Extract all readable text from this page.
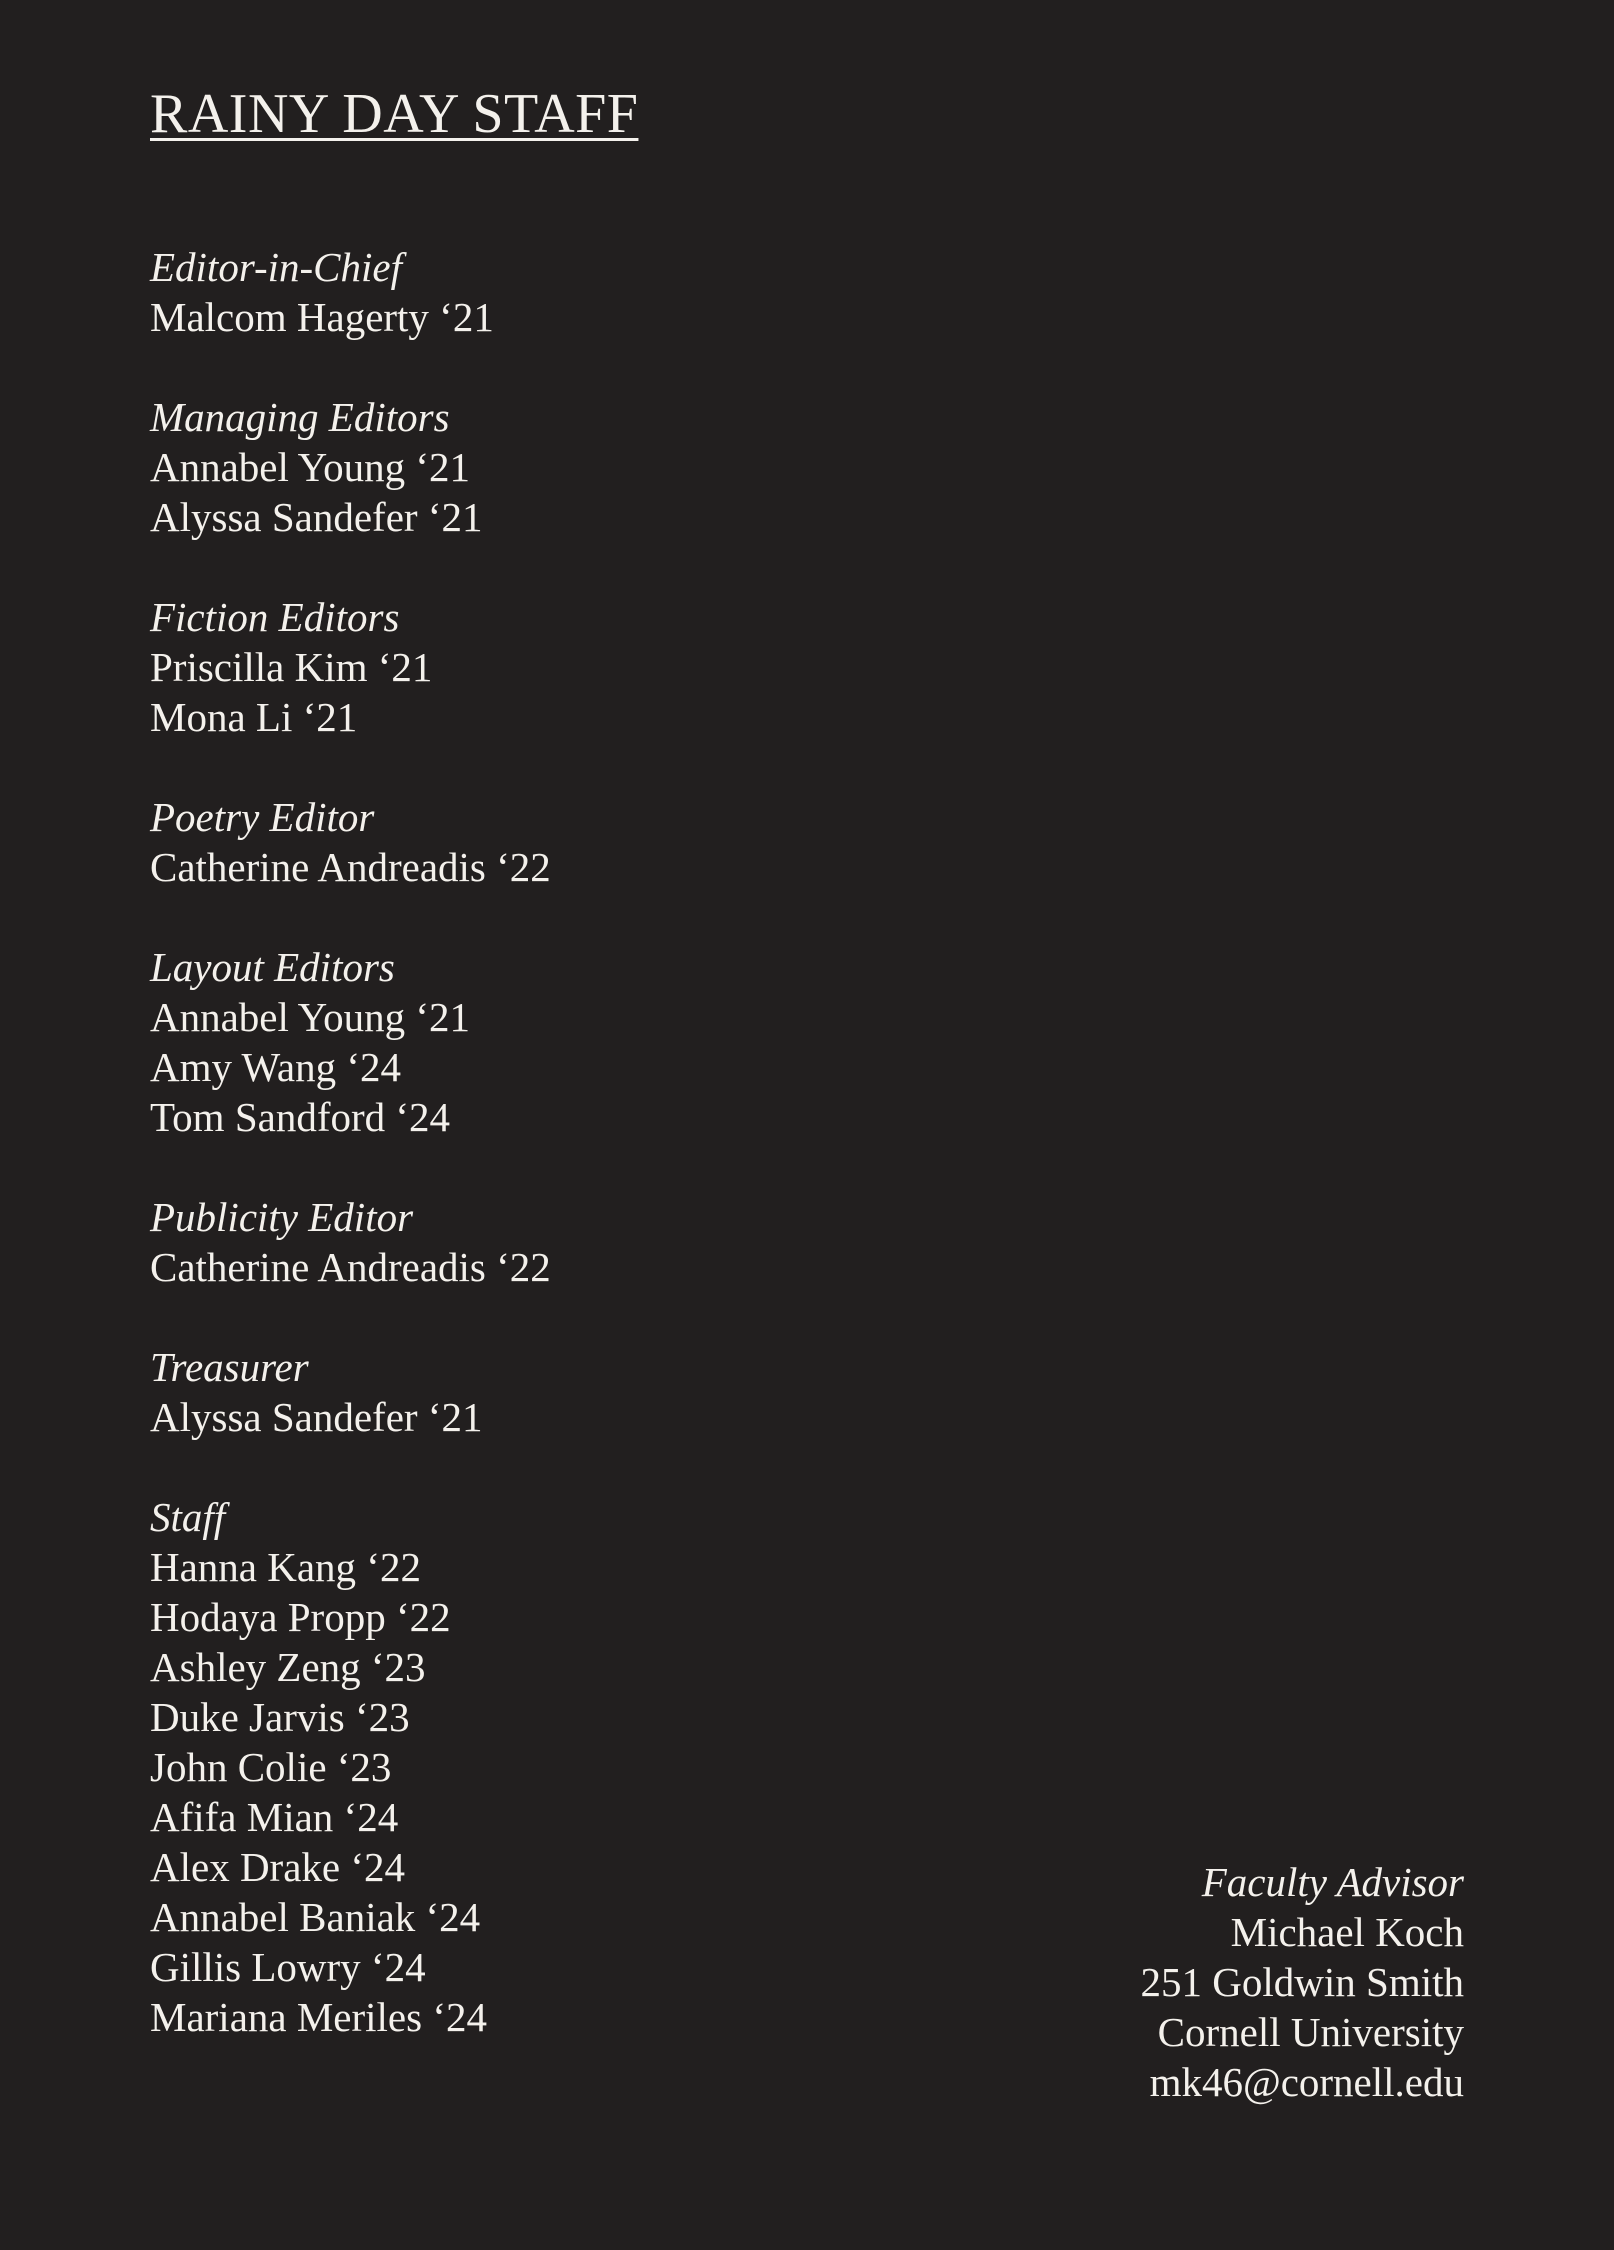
RAINY DAY STAFF
Editor-in-Chief
Malcom Hagerty ‘21
Managing Editors
Annabel Young ‘21
Alyssa Sandefer ‘21
Fiction Editors
Priscilla Kim ‘21
Mona Li ‘21
Poetry Editor
Catherine Andreadis ‘22
Layout Editors
Annabel Young ‘21
Amy Wang ‘24
Tom Sandford ‘24
Publicity Editor
Catherine Andreadis ‘22
Treasurer
Alyssa Sandefer ‘21
Staff
Hanna Kang ‘22
Hodaya Propp ‘22
Ashley Zeng ‘23
Duke Jarvis ‘23
John Colie ‘23
Afifa Mian ‘24
Alex Drake ‘24
Annabel Baniak ‘24
Gillis Lowry ‘24
Mariana Meriles ‘24
Faculty Advisor
Michael Koch
251 Goldwin Smith
Cornell University
mk46@cornell.edu
